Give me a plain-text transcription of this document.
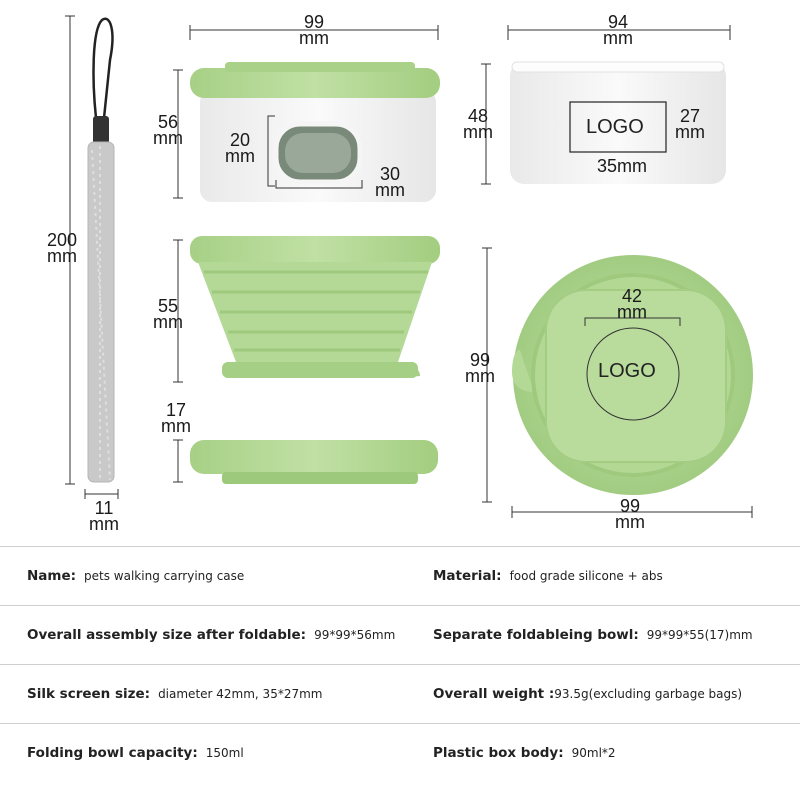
200
mm
11
mm
99
mm
56
mm	20
mm
30
mm
55
mm
17
mm
94
mm
48
mm	LOGO	27
mm
35mm
42
mm
LOGO
99
mm
99
mm
Name: pets walking carrying case	Material: food grade silicone + abs
Overall assembly size after foldable: 99*99*56mm	Separate foldableing bowl: 99*99*55(17)mm
Silk screen size: diameter 42mm, 35*27mm	Overall weight : 93.5g(excluding garbage bags)
Folding bowl capacity: 150ml	Plastic box body: 90ml*2
